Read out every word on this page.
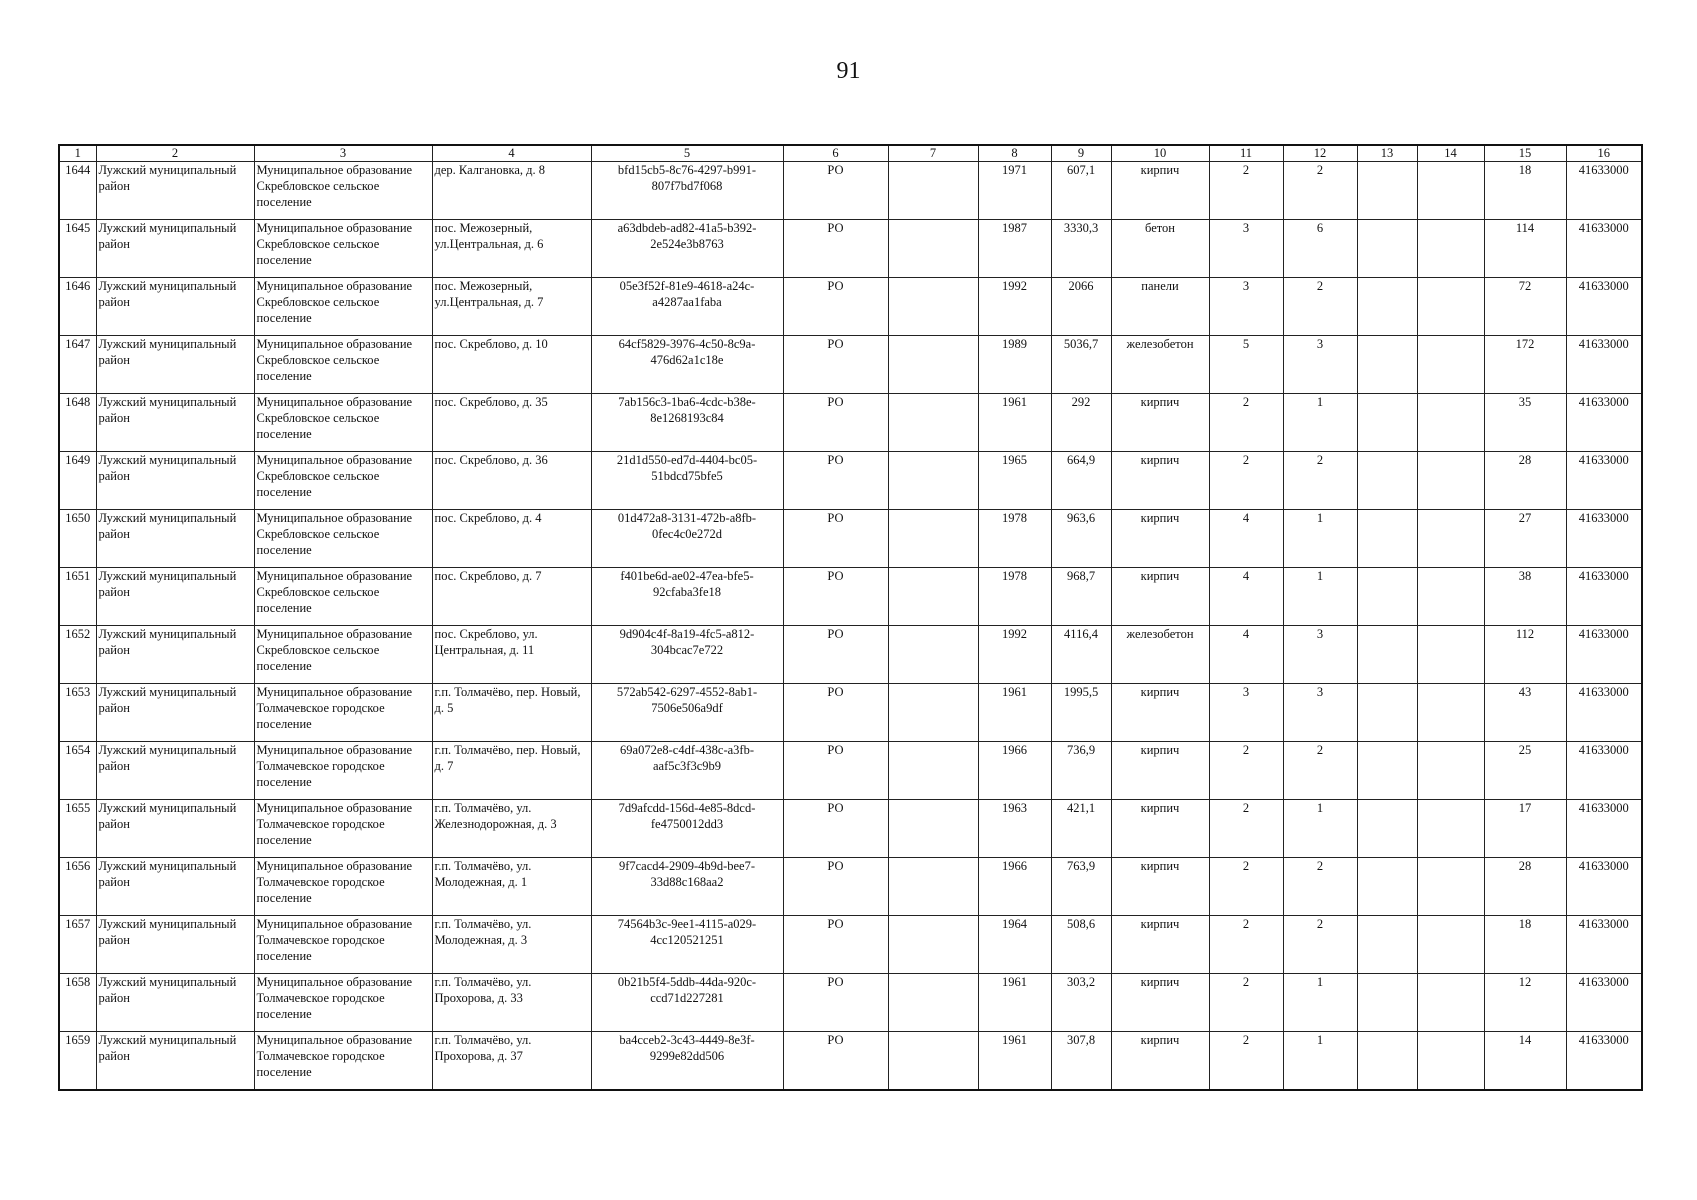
91
1	2	3	4	5	6	7	8	9	10	11	12	13	14	15	16
1644	Лужский муниципальный район	Муниципальное образование Скребловское сельское поселение	дер. Калгановка, д. 8	bfd15cb5-8c76-4297-b991-807f7bd7f068	РО		1971	607,1	кирпич	2	2			18	41633000
1645	Лужский муниципальный район	Муниципальное образование Скребловское сельское поселение	пос. Межозерный, ул.Центральная, д. 6	a63dbdeb-ad82-41a5-b392-2e524e3b8763	РО		1987	3330,3	бетон	3	6			114	41633000
1646	Лужский муниципальный район	Муниципальное образование Скребловское сельское поселение	пос. Межозерный, ул.Центральная, д. 7	05e3f52f-81e9-4618-a24c-a4287aa1faba	РО		1992	2066	панели	3	2			72	41633000
1647	Лужский муниципальный район	Муниципальное образование Скребловское сельское поселение	пос. Скреблово, д. 10	64cf5829-3976-4c50-8c9a-476d62a1c18e	РО		1989	5036,7	железобетон	5	3			172	41633000
1648	Лужский муниципальный район	Муниципальное образование Скребловское сельское поселение	пос. Скреблово, д. 35	7ab156c3-1ba6-4cdc-b38e-8e1268193c84	РО		1961	292	кирпич	2	1			35	41633000
1649	Лужский муниципальный район	Муниципальное образование Скребловское сельское поселение	пос. Скреблово, д. 36	21d1d550-ed7d-4404-bc05-51bdcd75bfe5	РО		1965	664,9	кирпич	2	2			28	41633000
1650	Лужский муниципальный район	Муниципальное образование Скребловское сельское поселение	пос. Скреблово, д. 4	01d472a8-3131-472b-a8fb-0fec4c0e272d	РО		1978	963,6	кирпич	4	1			27	41633000
1651	Лужский муниципальный район	Муниципальное образование Скребловское сельское поселение	пос. Скреблово, д. 7	f401be6d-ae02-47ea-bfe5-92cfaba3fe18	РО		1978	968,7	кирпич	4	1			38	41633000
1652	Лужский муниципальный район	Муниципальное образование Скребловское сельское поселение	пос. Скреблово, ул. Центральная, д. 11	9d904c4f-8a19-4fc5-a812-304bcac7e722	РО		1992	4116,4	железобетон	4	3			112	41633000
1653	Лужский муниципальный район	Муниципальное образование Толмачевское городское поселение	г.п. Толмачёво, пер. Новый, д. 5	572ab542-6297-4552-8ab1-7506e506a9df	РО		1961	1995,5	кирпич	3	3			43	41633000
1654	Лужский муниципальный район	Муниципальное образование Толмачевское городское поселение	г.п. Толмачёво, пер. Новый, д. 7	69a072e8-c4df-438c-a3fb-aaf5c3f3c9b9	РО		1966	736,9	кирпич	2	2			25	41633000
1655	Лужский муниципальный район	Муниципальное образование Толмачевское городское поселение	г.п. Толмачёво, ул. Железнодорожная, д. 3	7d9afcdd-156d-4e85-8dcd-fe4750012dd3	РО		1963	421,1	кирпич	2	1			17	41633000
1656	Лужский муниципальный район	Муниципальное образование Толмачевское городское поселение	г.п. Толмачёво, ул. Молодежная, д. 1	9f7cacd4-2909-4b9d-bee7-33d88c168aa2	РО		1966	763,9	кирпич	2	2			28	41633000
1657	Лужский муниципальный район	Муниципальное образование Толмачевское городское поселение	г.п. Толмачёво, ул. Молодежная, д. 3	74564b3c-9ee1-4115-a029-4cc120521251	РО		1964	508,6	кирпич	2	2			18	41633000
1658	Лужский муниципальный район	Муниципальное образование Толмачевское городское поселение	г.п. Толмачёво, ул. Прохорова, д. 33	0b21b5f4-5ddb-44da-920c-ccd71d227281	РО		1961	303,2	кирпич	2	1			12	41633000
1659	Лужский муниципальный район	Муниципальное образование Толмачевское городское поселение	г.п. Толмачёво, ул. Прохорова, д. 37	ba4cceb2-3c43-4449-8e3f-9299e82dd506	РО		1961	307,8	кирпич	2	1			14	41633000
